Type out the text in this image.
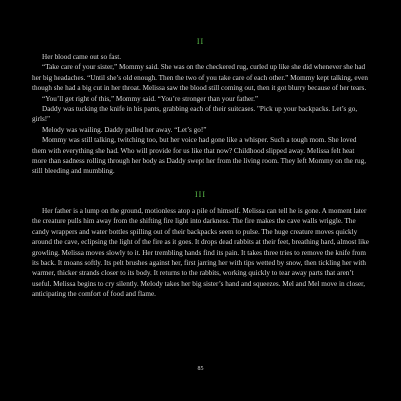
II

Her blood came out so fast.

“Take care of your sister,” Mommy said. She was on the checkered rug, curled up like she did whenever she had her big headaches. “Until she’s old enough. Then the two of you take care of each other.” Mommy kept talking, even though she had a big cut in her throat. Melissa saw the blood still coming out, then it got blurry because of her tears.

“You’ll get right of this,” Mommy said. “You’re stronger than your father.”

Daddy was tucking the knife in his pants, grabbing each of their suitcases. "Pick up your backpacks. Let’s go, girls!"

Melody was wailing. Daddy pulled her away. “Let’s go!”

Mommy was still talking, twitching too, but her voice had gone like a whisper. Such a tough mom. She loved them with everything she had. Who will provide for us like that now? Childhood slipped away. Melissa felt heat more than sadness rolling through her body as Daddy swept her from the living room. They left Mommy on the rug, still bleeding and mumbling.

III

Her father is a lump on the ground, motionless atop a pile of himself. Melissa can tell he is gone. A moment later the creature pulls him away from the shifting fire light into darkness. The fire makes the cave walls wriggle. The candy wrappers and water bottles spilling out of their backpacks seem to pulse. The huge creature moves quickly around the cave, eclipsing the light of the fire as it goes. It drops dead rabbits at their feet, breathing hard, almost like growling. Melissa moves slowly to it. Her trembling hands find its pain. It takes three tries to remove the knife from its back. It moans softly. Its pelt brushes against her, first jarring her with tips wetted by snow, then tickling her with warmer, thicker strands closer to its body. It returns to the rabbits, working quickly to tear away parts that aren’t useful. Melissa begins to cry silently. Melody takes her big sister’s hand and squeezes. Mel and Mel move in closer, anticipating the comfort of food and flame.

85
